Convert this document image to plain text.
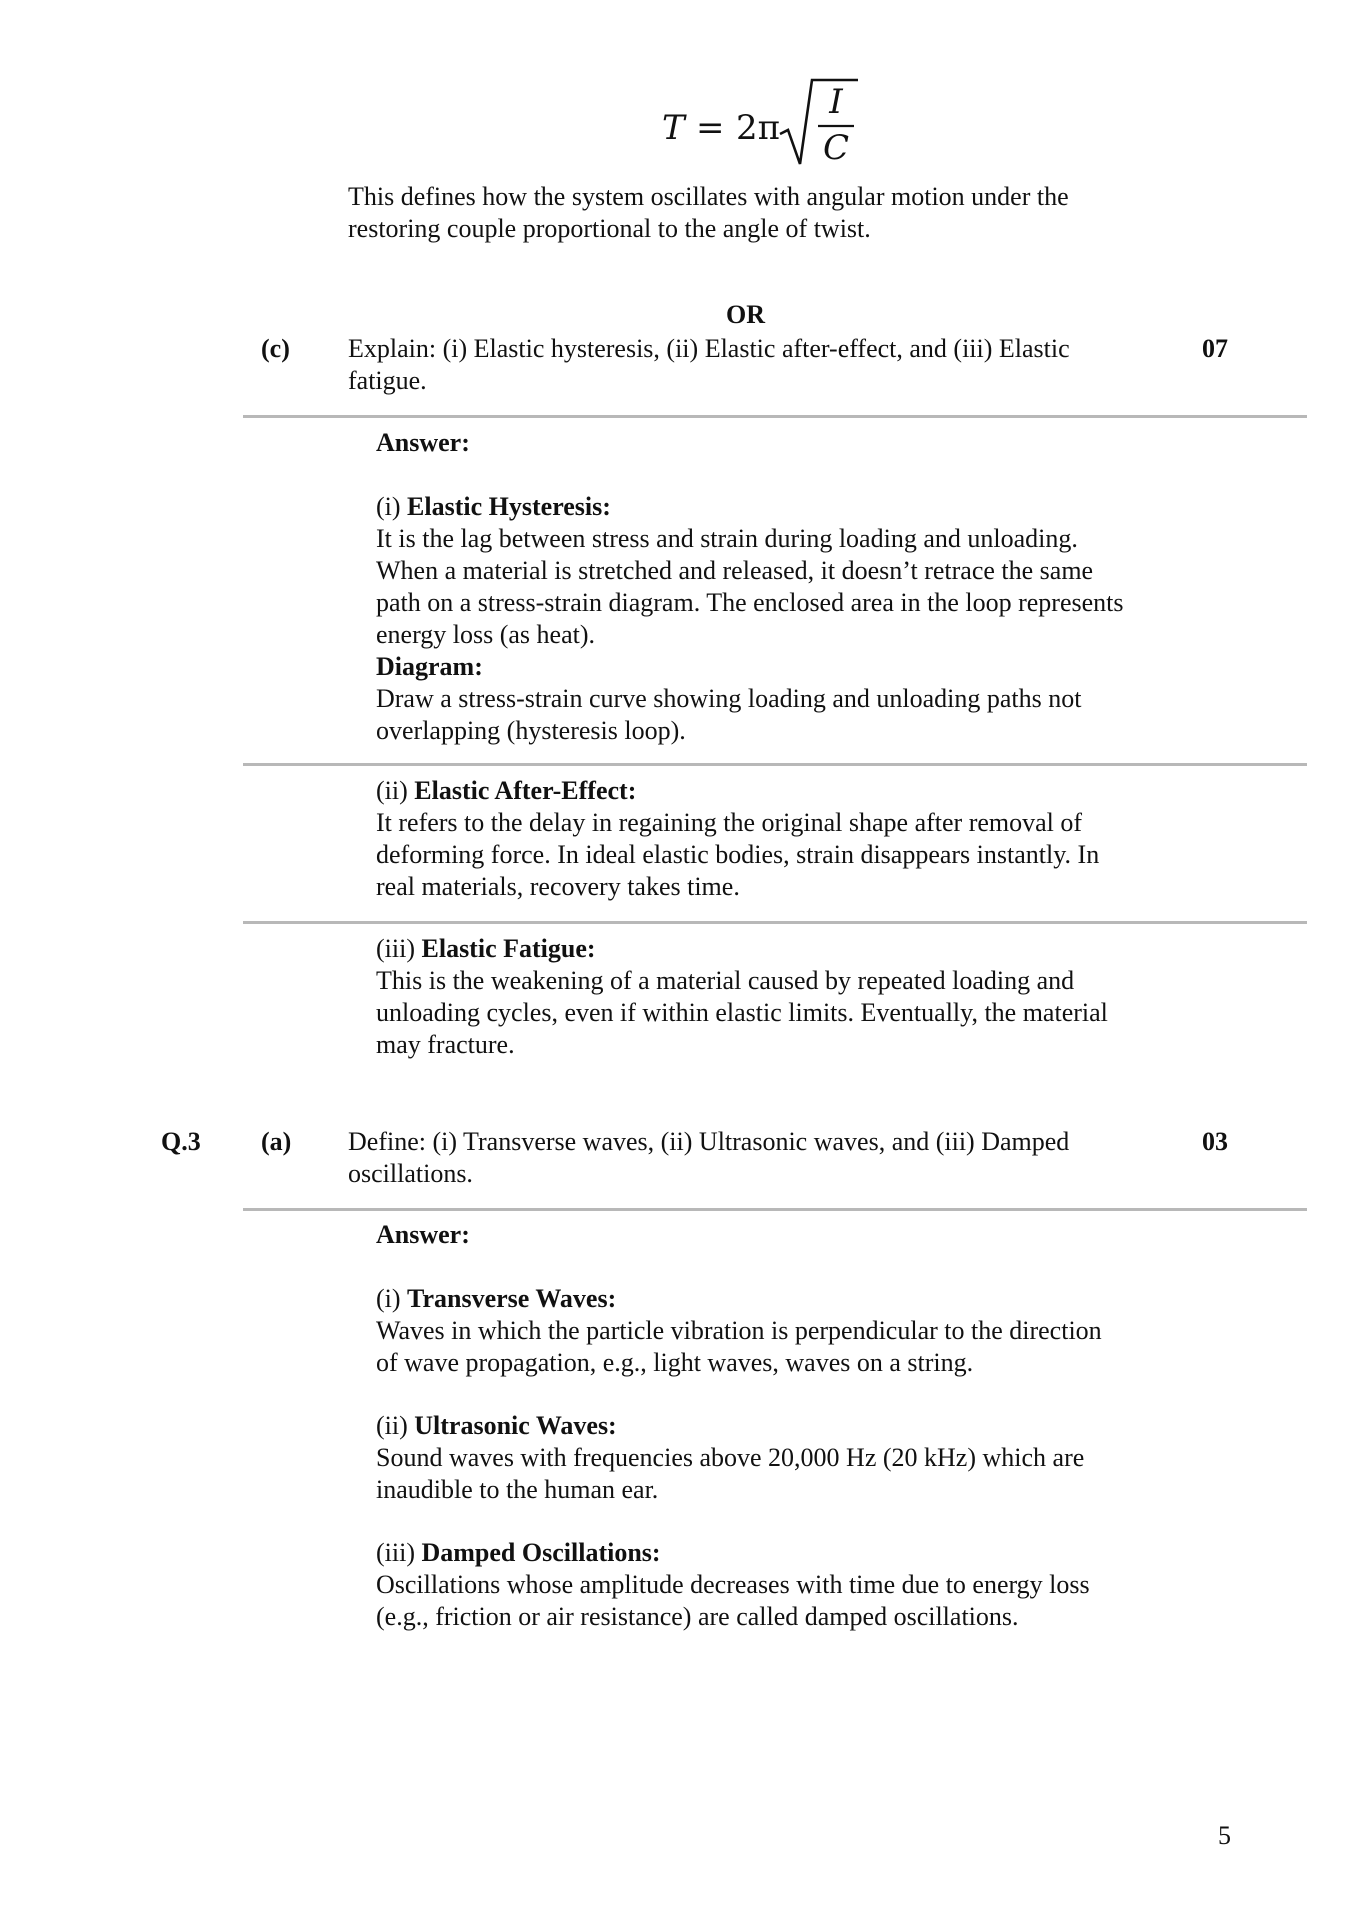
T = 2π
I
C
This defines how the system oscillates with angular motion under the
restoring couple proportional to the angle of twist.
OR
(c) Explain: (i) Elastic hysteresis, (ii) Elastic after-effect, and (iii) Elastic
fatigue.
07
Answer:
(i) Elastic Hysteresis:
It is the lag between stress and strain during loading and unloading.
When a material is stretched and released, it doesn’t retrace the same
path on a stress-strain diagram. The enclosed area in the loop represents
energy loss (as heat).
Diagram:
Draw a stress-strain curve showing loading and unloading paths not
overlapping (hysteresis loop).
(ii) Elastic After-Effect:
It refers to the delay in regaining the original shape after removal of
deforming force. In ideal elastic bodies, strain disappears instantly. In
real materials, recovery takes time.
(iii) Elastic Fatigue:
This is the weakening of a material caused by repeated loading and
unloading cycles, even if within elastic limits. Eventually, the material
may fracture.
Q.3 (a) Define: (i) Transverse waves, (ii) Ultrasonic waves, and (iii) Damped
oscillations.
03
Answer:
(i) Transverse Waves:
Waves in which the particle vibration is perpendicular to the direction
of wave propagation, e.g., light waves, waves on a string.
(ii) Ultrasonic Waves:
Sound waves with frequencies above 20,000 Hz (20 kHz) which are
inaudible to the human ear.
(iii) Damped Oscillations:
Oscillations whose amplitude decreases with time due to energy loss
(e.g., friction or air resistance) are called damped oscillations.
5
